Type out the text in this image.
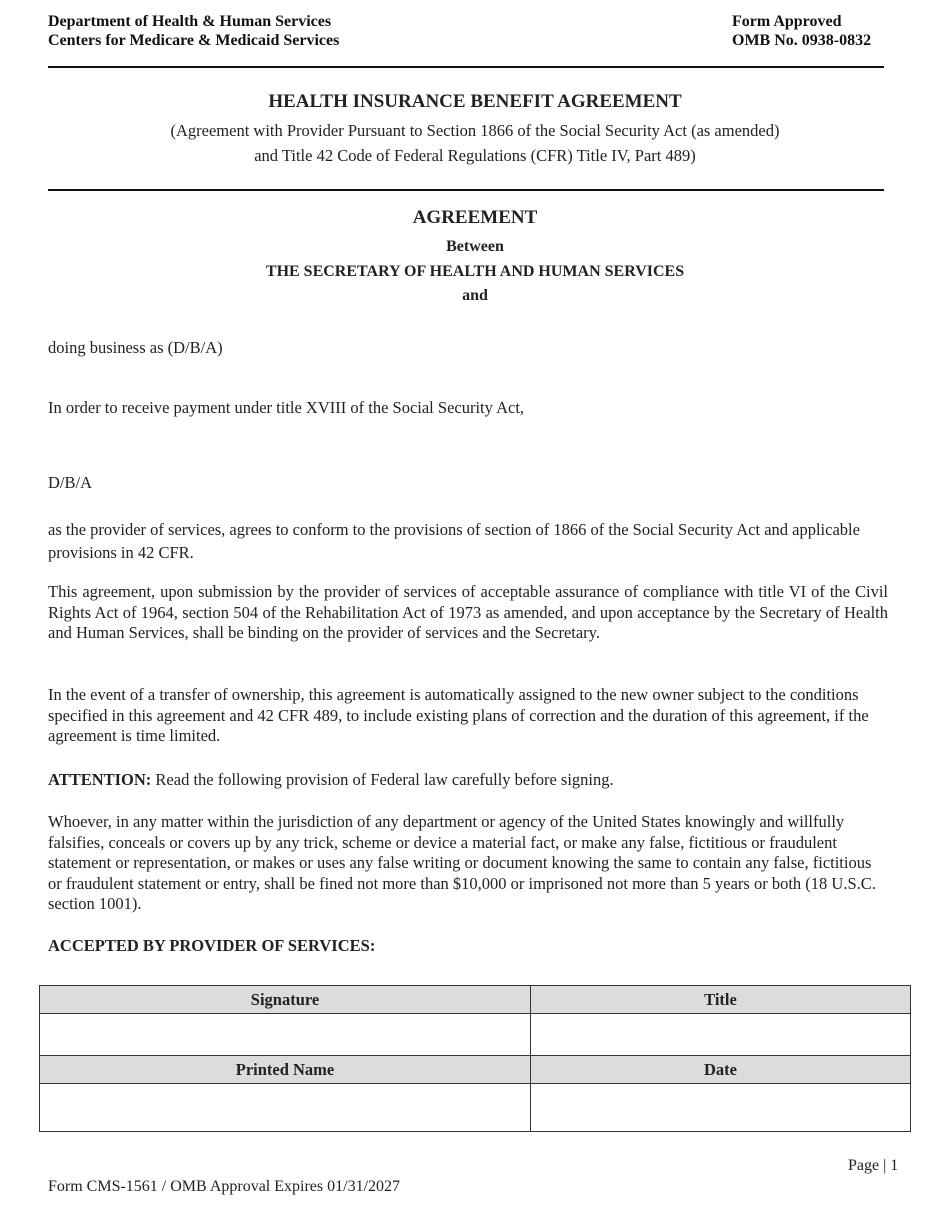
Department of Health & Human Services
Centers for Medicare & Medicaid Services
Form Approved
OMB No. 0938-0832
HEALTH INSURANCE BENEFIT AGREEMENT
(Agreement with Provider Pursuant to Section 1866 of the Social Security Act (as amended)
and Title 42 Code of Federal Regulations (CFR) Title IV, Part 489)
AGREEMENT
Between
THE SECRETARY OF HEALTH AND HUMAN SERVICES
and
doing business as (D/B/A)
In order to receive payment under title XVIII of the Social Security Act,
D/B/A
as the provider of services, agrees to conform to the provisions of section of 1866 of the Social Security Act and applicable provisions in 42 CFR.
This agreement, upon submission by the provider of services of acceptable assurance of compliance with title VI of the Civil Rights Act of 1964, section 504 of the Rehabilitation Act of 1973 as amended, and upon acceptance by the Secretary of Health and Human Services, shall be binding on the provider of services and the Secretary.
In the event of a transfer of ownership, this agreement is automatically assigned to the new owner subject to the conditions specified in this agreement and 42 CFR 489, to include existing plans of correction and the duration of this agreement, if the agreement is time limited.
ATTENTION: Read the following provision of Federal law carefully before signing.
Whoever, in any matter within the jurisdiction of any department or agency of the United States knowingly and willfully falsifies, conceals or covers up by any trick, scheme or device a material fact, or make any false, fictitious or fraudulent statement or representation, or makes or uses any false writing or document knowing the same to contain any false, fictitious or fraudulent statement or entry, shall be fined not more than $10,000 or imprisoned not more than 5 years or both (18 U.S.C. section 1001).
ACCEPTED BY PROVIDER OF SERVICES:
Signature	Title

Printed Name	Date

Page | 1
Form CMS-1561 / OMB Approval Expires 01/31/2027
